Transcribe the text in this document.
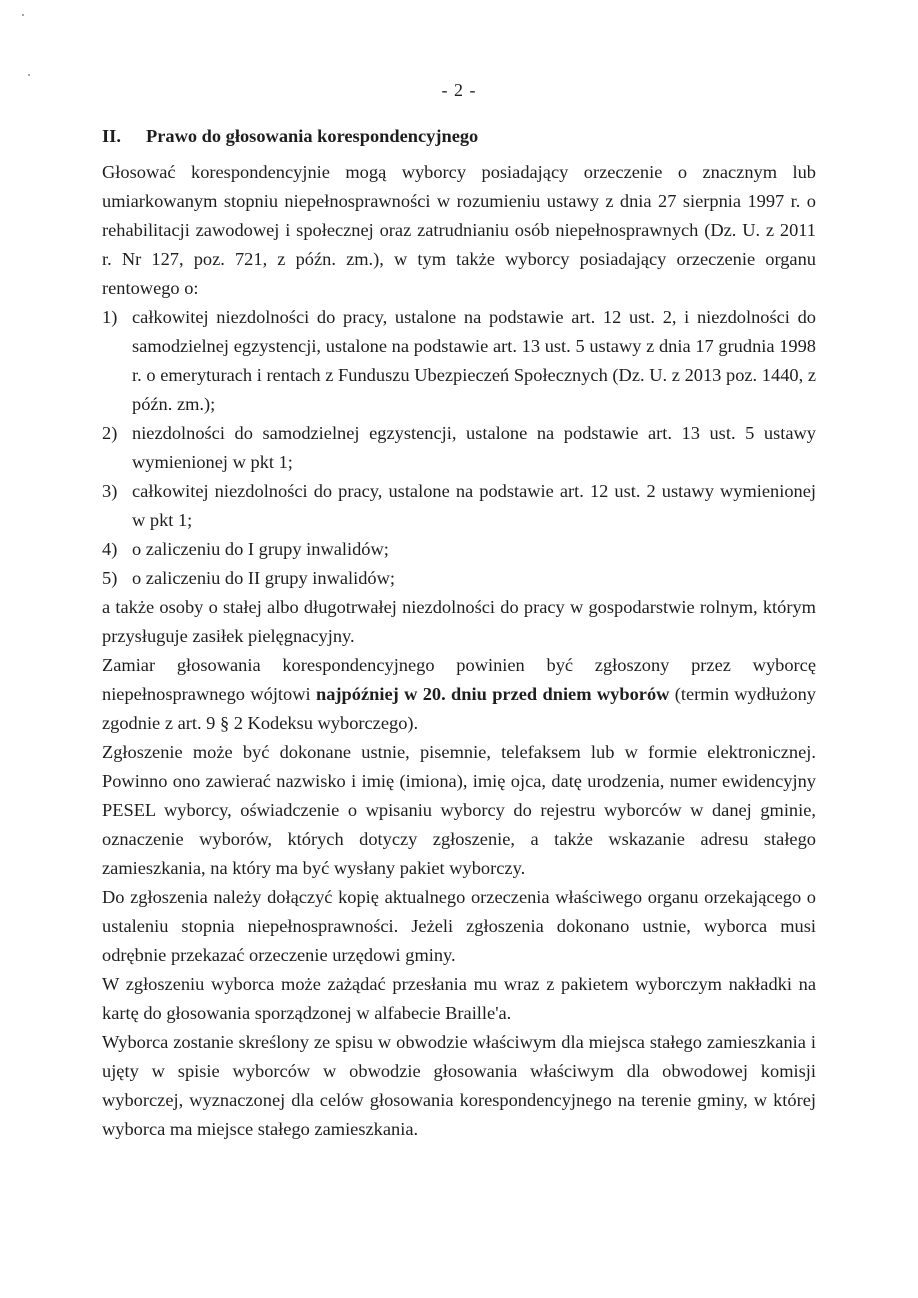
- 2 -
II.	Prawo do głosowania korespondencyjnego

Głosować korespondencyjnie mogą wyborcy posiadający orzeczenie o znacznym lub umiarkowanym stopniu niepełnosprawności w rozumieniu ustawy z dnia 27 sierpnia 1997 r. o rehabilitacji zawodowej i społecznej oraz zatrudnianiu osób niepełnosprawnych (Dz. U. z 2011 r. Nr 127, poz. 721, z późn. zm.), w tym także wyborcy posiadający orzeczenie organu rentowego o:

1) całkowitej niezdolności do pracy, ustalone na podstawie art. 12 ust. 2, i niezdolności do samodzielnej egzystencji, ustalone na podstawie art. 13 ust. 5 ustawy z dnia 17 grudnia 1998 r. o emeryturach i rentach z Funduszu Ubezpieczeń Społecznych (Dz. U. z 2013 poz. 1440, z późn. zm.);
2) niezdolności do samodzielnej egzystencji, ustalone na podstawie art. 13 ust. 5 ustawy wymienionej w pkt 1;
3) całkowitej niezdolności do pracy, ustalone na podstawie art. 12 ust. 2 ustawy wymienionej w pkt 1;
4) o zaliczeniu do I grupy inwalidów;
5) o zaliczeniu do II grupy inwalidów;

a także osoby o stałej albo długotrwałej niezdolności do pracy w gospodarstwie rolnym, którym przysługuje zasiłek pielęgnacyjny.

Zamiar głosowania korespondencyjnego powinien być zgłoszony przez wyborcę niepełnosprawnego wójtowi najpóźniej w 20. dniu przed dniem wyborów (termin wydłużony zgodnie z art. 9 § 2 Kodeksu wyborczego).

Zgłoszenie może być dokonane ustnie, pisemnie, telefaksem lub w formie elektronicznej. Powinno ono zawierać nazwisko i imię (imiona), imię ojca, datę urodzenia, numer ewidencyjny PESEL wyborcy, oświadczenie o wpisaniu wyborcy do rejestru wyborców w danej gminie, oznaczenie wyborów, których dotyczy zgłoszenie, a także wskazanie adresu stałego zamieszkania, na który ma być wysłany pakiet wyborczy.

Do zgłoszenia należy dołączyć kopię aktualnego orzeczenia właściwego organu orzekającego o ustaleniu stopnia niepełnosprawności. Jeżeli zgłoszenia dokonano ustnie, wyborca musi odrębnie przekazać orzeczenie urzędowi gminy.

W zgłoszeniu wyborca może zażądać przesłania mu wraz z pakietem wyborczym nakładki na kartę do głosowania sporządzonej w alfabecie Braille'a.

Wyborca zostanie skreślony ze spisu w obwodzie właściwym dla miejsca stałego zamieszkania i ujęty w spisie wyborców w obwodzie głosowania właściwym dla obwodowej komisji wyborczej, wyznaczonej dla celów głosowania korespondencyjnego na terenie gminy, w której wyborca ma miejsce stałego zamieszkania.
